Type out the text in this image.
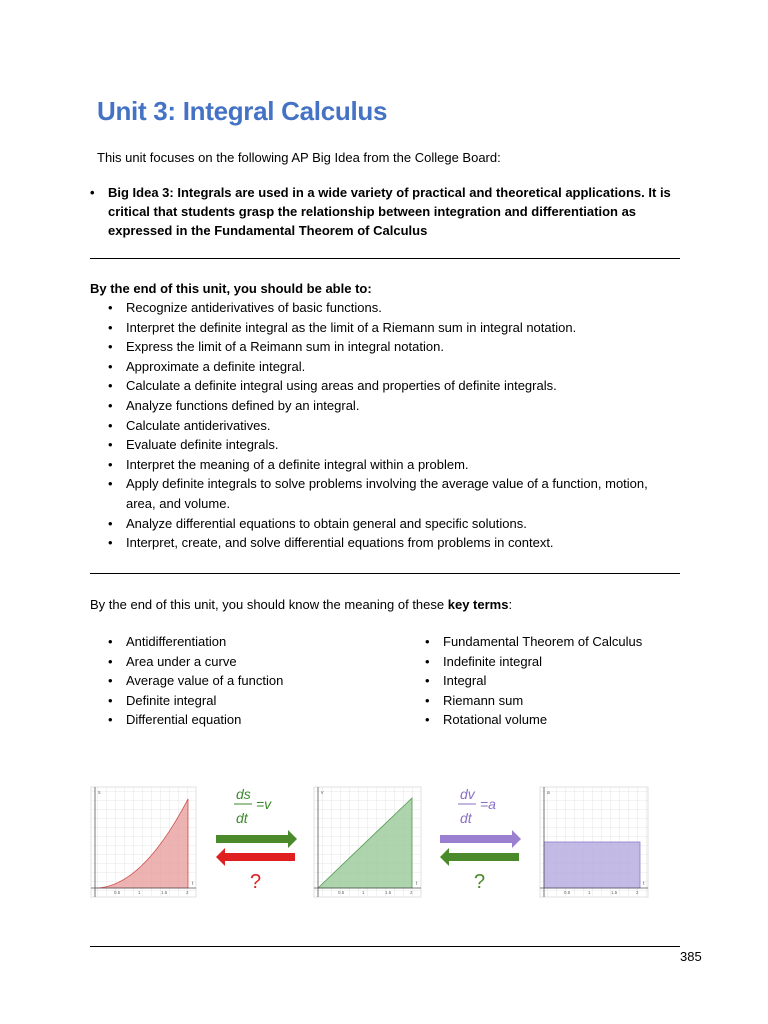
Unit 3: Integral Calculus
This unit focuses on the following AP Big Idea from the College Board:
• Big Idea 3: Integrals are used in a wide variety of practical and theoretical applications. It is critical that students grasp the relationship between integration and differentiation as expressed in the Fundamental Theorem of Calculus
By the end of this unit, you should be able to:
• Recognize antiderivatives of basic functions.
• Interpret the definite integral as the limit of a Riemann sum in integral notation.
• Express the limit of a Reimann sum in integral notation.
• Approximate a definite integral.
• Calculate a definite integral using areas and properties of definite integrals.
• Analyze functions defined by an integral.
• Calculate antiderivatives.
• Evaluate definite integrals.
• Interpret the meaning of a definite integral within a problem.
• Apply definite integrals to solve problems involving the average value of a function, motion, area, and volume.
• Analyze differential equations to obtain general and specific solutions.
• Interpret, create, and solve differential equations from problems in context.
By the end of this unit, you should know the meaning of these key terms:
• Antidifferentiation
• Area under a curve
• Average value of a function
• Definite integral
• Differential equation
• Fundamental Theorem of Calculus
• Indefinite integral
• Integral
• Riemann sum
• Rotational volume
s
t
0.5	1	1.5	2
ds
=v
dt
?
v
t
0.5	1	1.5	2
dv
=a
dt
?
a
t
0.5	1	1.5	2
385
